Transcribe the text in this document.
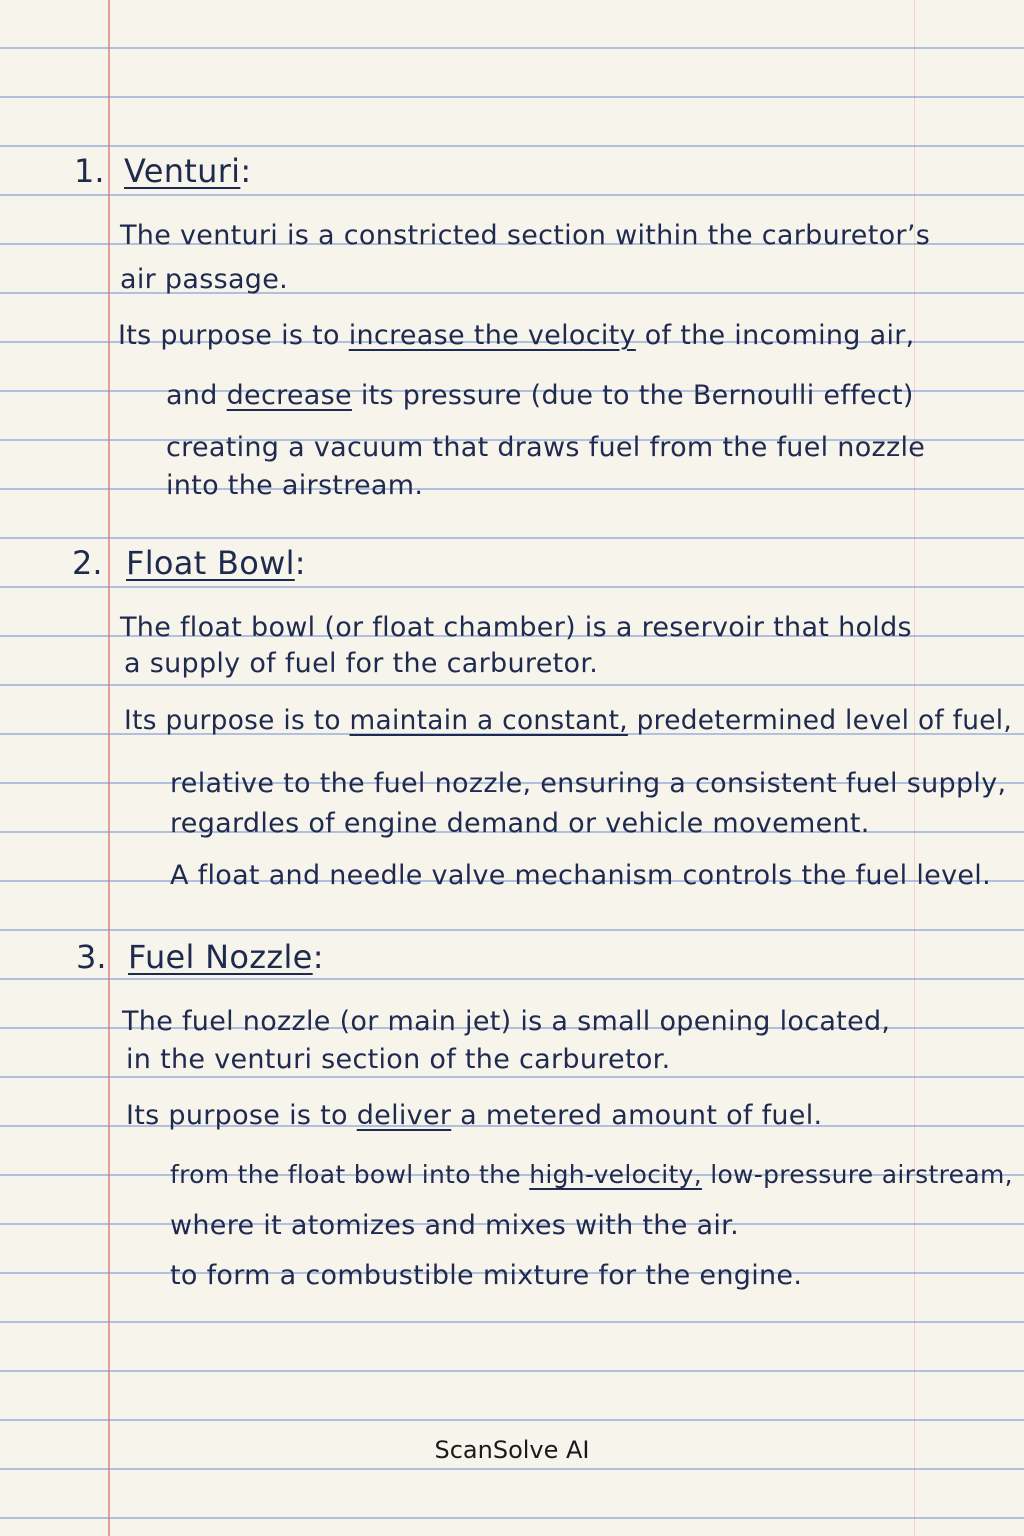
1. Venturi:
The venturi is a constricted section within the carburetor’s
air passage.
Its purpose is to increase the velocity of the incoming air,
and decrease its pressure (due to the Bernoulli effect)
creating a vacuum that draws fuel from the fuel nozzle
into the airstream.
2. Float Bowl:
The float bowl (or float chamber) is a reservoir that holds
a supply of fuel for the carburetor.
Its purpose is to maintain a constant, predetermined level of fuel,
relative to the fuel nozzle, ensuring a consistent fuel supply,
regardles of engine demand or vehicle movement.
A float and needle valve mechanism controls the fuel level.
3. Fuel Nozzle:
The fuel nozzle (or main jet) is a small opening located,
in the venturi section of the carburetor.
Its purpose is to deliver a metered amount of fuel.
from the float bowl into the high-velocity, low-pressure airstream,
where it atomizes and mixes with the air.
to form a combustible mixture for the engine.
ScanSolve AI
